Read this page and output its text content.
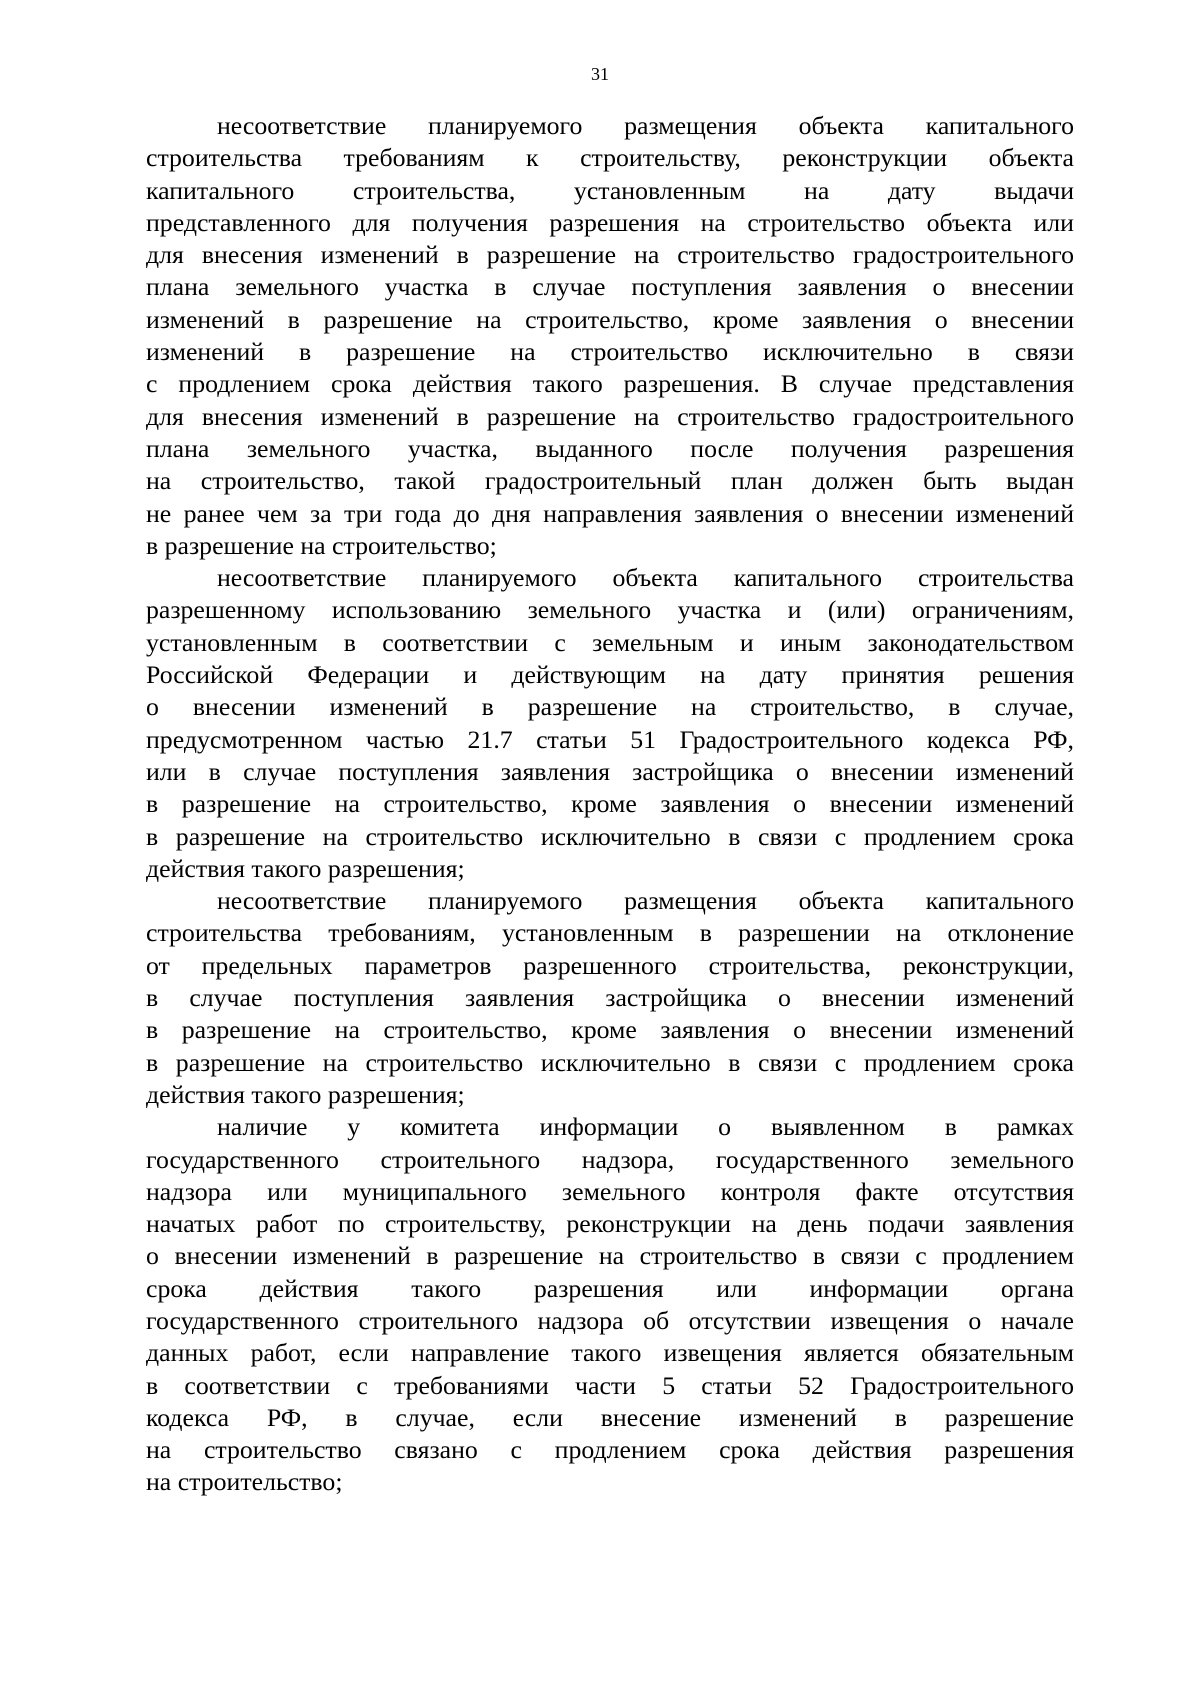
31
несоответствие планируемого размещения объекта капитального
строительства требованиям к строительству, реконструкции объекта
капитального строительства, установленным на дату выдачи
представленного для получения разрешения на строительство объекта или
для внесения изменений в разрешение на строительство градостроительного
плана земельного участка в случае поступления заявления о внесении
изменений в разрешение на строительство, кроме заявления о внесении
изменений в разрешение на строительство исключительно в связи
с продлением срока действия такого разрешения. В случае представления
для внесения изменений в разрешение на строительство градостроительного
плана земельного участка, выданного после получения разрешения
на строительство, такой градостроительный план должен быть выдан
не ранее чем за три года до дня направления заявления о внесении изменений
в разрешение на строительство;
несоответствие планируемого объекта капитального строительства
разрешенному использованию земельного участка и (или) ограничениям,
установленным в соответствии с земельным и иным законодательством
Российской Федерации и действующим на дату принятия решения
о внесении изменений в разрешение на строительство, в случае,
предусмотренном частью 21.7 статьи 51 Градостроительного кодекса РФ,
или в случае поступления заявления застройщика о внесении изменений
в разрешение на строительство, кроме заявления о внесении изменений
в разрешение на строительство исключительно в связи с продлением срока
действия такого разрешения;
несоответствие планируемого размещения объекта капитального
строительства требованиям, установленным в разрешении на отклонение
от предельных параметров разрешенного строительства, реконструкции,
в случае поступления заявления застройщика о внесении изменений
в разрешение на строительство, кроме заявления о внесении изменений
в разрешение на строительство исключительно в связи с продлением срока
действия такого разрешения;
наличие у комитета информации о выявленном в рамках
государственного строительного надзора, государственного земельного
надзора или муниципального земельного контроля факте отсутствия
начатых работ по строительству, реконструкции на день подачи заявления
о внесении изменений в разрешение на строительство в связи с продлением
срока действия такого разрешения или информации органа
государственного строительного надзора об отсутствии извещения о начале
данных работ, если направление такого извещения является обязательным
в соответствии с требованиями части 5 статьи 52 Градостроительного
кодекса РФ, в случае, если внесение изменений в разрешение
на строительство связано с продлением срока действия разрешения
на строительство;
